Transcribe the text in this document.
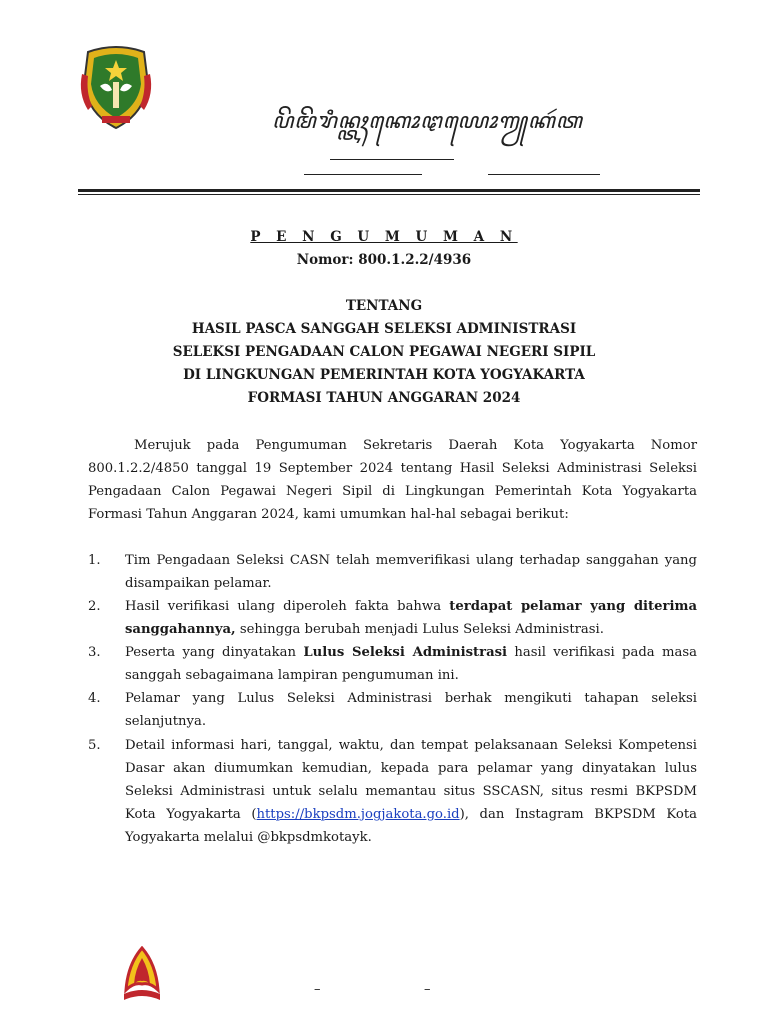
ꦥꦼꦩꦼꦫꦶꦤ꧀ꦠꦃꦏꦺꦴꦛꦪꦺꦴꦒꦾꦏꦂꦠ
P E N G U M U M A N
Nomor: 800.1.2.2/4936
TENTANG
HASIL PASCA SANGGAH SELEKSI ADMINISTRASI
SELEKSI PENGADAAN CALON PEGAWAI NEGERI SIPIL
DI LINGKUNGAN PEMERINTAH KOTA YOGYAKARTA
FORMASI TAHUN ANGGARAN 2024
Merujuk pada Pengumuman Sekretaris Daerah Kota Yogyakarta Nomor 800.1.2.2/4850 tanggal 19 September 2024 tentang Hasil Seleksi Administrasi Seleksi Pengadaan Calon Pegawai Negeri Sipil di Lingkungan Pemerintah Kota Yogyakarta Formasi Tahun Anggaran 2024, kami umumkan hal-hal sebagai berikut:
1. Tim Pengadaan Seleksi CASN telah memverifikasi ulang terhadap sanggahan yang disampaikan pelamar.
2. Hasil verifikasi ulang diperoleh fakta bahwa terdapat pelamar yang diterima sanggahannya, sehingga berubah menjadi Lulus Seleksi Administrasi.
3. Peserta yang dinyatakan Lulus Seleksi Administrasi hasil verifikasi pada masa sanggah sebagaimana lampiran pengumuman ini.
4. Pelamar yang Lulus Seleksi Administrasi berhak mengikuti tahapan seleksi selanjutnya.
5. Detail informasi hari, tanggal, waktu, dan tempat pelaksanaan Seleksi Kompetensi Dasar akan diumumkan kemudian, kepada para pelamar yang dinyatakan lulus Seleksi Administrasi untuk selalu memantau situs SSCASN, situs resmi BKPSDM Kota Yogyakarta (https://bkpsdm.jogjakota.go.id), dan Instagram BKPSDM Kota Yogyakarta melalui @bkpsdmkotayk.
–	–
